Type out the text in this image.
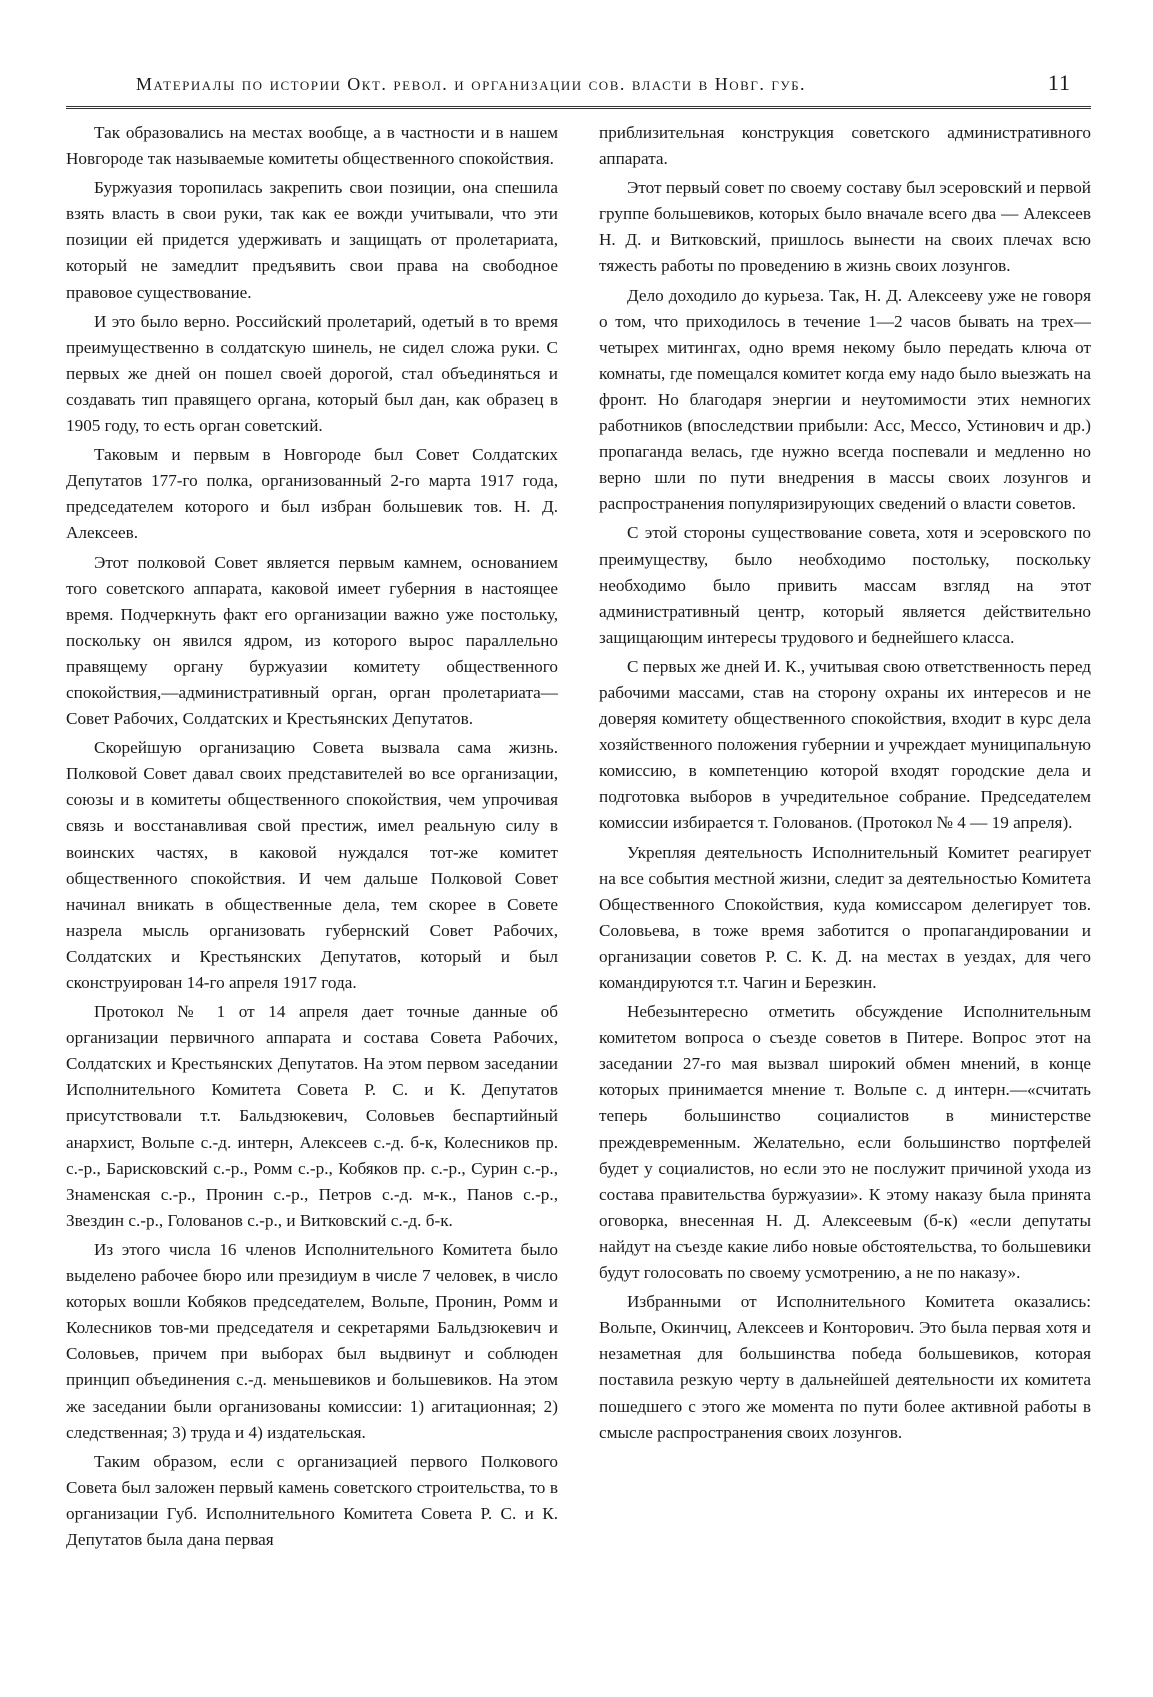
Материалы по истории Окт. револ. и организации сов. власти в Новг. губ.	11

Так образовались на местах вообще, а в частности и в нашем Новгороде так называемые комитеты общественного спокойствия.

Буржуазия торопилась закрепить свои позиции, она спешила взять власть в свои руки, так как ее вожди учитывали, что эти позиции ей придется удерживать и защищать от пролетариата, который не замедлит предъявить свои права на свободное правовое существование.

И это было верно. Российский пролетарий, одетый в то время преимущественно в солдатскую шинель, не сидел сложа руки. С первых же дней он пошел своей дорогой, стал объединяться и создавать тип правящего органа, который был дан, как образец в 1905 году, то есть орган советский.

Таковым и первым в Новгороде был Совет Солдатских Депутатов 177-го полка, организованный 2-го марта 1917 года, председателем которого и был избран большевик тов. Н. Д. Алексеев.

Этот полковой Совет является первым камнем, основанием того советского аппарата, каковой имеет губерния в настоящее время. Подчеркнуть факт его организации важно уже постольку, поскольку он явился ядром, из которого вырос параллельно правящему органу буржуазии комитету общественного спокойствия,—административный орган, орган пролетариата—Совет Рабочих, Солдатских и Крестьянских Депутатов.

Скорейшую организацию Совета вызвала сама жизнь. Полковой Совет давал своих представителей во все организации, союзы и в комитеты общественного спокойствия, чем упрочивая связь и восстанавливая свой престиж, имел реальную силу в воинских частях, в каковой нуждался тот-же комитет общественного спокойствия. И чем дальше Полковой Совет начинал вникать в общественные дела, тем скорее в Совете назрела мысль организовать губернский Совет Рабочих, Солдатских и Крестьянских Депутатов, который и был сконструирован 14-го апреля 1917 года.

Протокол № 1 от 14 апреля дает точные данные об организации первичного аппарата и состава Совета Рабочих, Солдатских и Крестьянских Депутатов. На этом первом заседании Исполнительного Комитета Совета Р. С. и К. Депутатов присутствовали т.т. Бальдзюкевич, Соловьев беспартийный анархист, Вольпе с.-д. интерн, Алексеев с.-д. б-к, Колесников пр. с.-р., Барисковский с.-р., Ромм с.-р., Кобяков пр. с.-р., Сурин с.-р., Знаменская с.-р., Пронин с.-р., Петров с.-д. м-к., Панов с.-р., Звездин с.-р., Голованов с.-р., и Витковский с.-д. б-к.

Из этого числа 16 членов Исполнительного Комитета было выделено рабочее бюро или президиум в числе 7 человек, в число которых вошли Кобяков председателем, Вольпе, Пронин, Ромм и Колесников тов-ми председателя и секретарями Бальдзюкевич и Соловьев, причем при выборах был выдвинут и соблюден принцип объединения с.-д. меньшевиков и большевиков. На этом же заседании были организованы комиссии: 1) агитационная; 2) следственная; 3) труда и 4) издательская.

Таким образом, если с организацией первого Полкового Совета был заложен первый камень советского строительства, то в организации Губ. Исполнительного Комитета Совета Р. С. и К. Депутатов была дана первая

приблизительная конструкция советского административного аппарата.

Этот первый совет по своему составу был эсеровский и первой группе большевиков, которых было вначале всего два — Алексеев Н. Д. и Витковский, пришлось вынести на своих плечах всю тяжесть работы по проведению в жизнь своих лозунгов.

Дело доходило до курьеза. Так, Н. Д. Алексееву уже не говоря о том, что приходилось в течение 1—2 часов бывать на трех—четырех митингах, одно время некому было передать ключа от комнаты, где помещался комитет когда ему надо было выезжать на фронт. Но благодаря энергии и неутомимости этих немногих работников (впоследствии прибыли: Асс, Мессо, Устинович и др.) пропаганда велась, где нужно всегда поспевали и медленно но верно шли по пути внедрения в массы своих лозунгов и распространения популяризирующих сведений о власти советов.

С этой стороны существование совета, хотя и эсеровского по преимуществу, было необходимо постольку, поскольку необходимо было привить массам взгляд на этот административный центр, который является действительно защищающим интересы трудового и беднейшего класса.

С первых же дней И. К., учитывая свою ответственность перед рабочими массами, став на сторону охраны их интересов и не доверяя комитету общественного спокойствия, входит в курс дела хозяйственного положения губернии и учреждает муниципальную комиссию, в компетенцию которой входят городские дела и подготовка выборов в учредительное собрание. Председателем комиссии избирается т. Голованов. (Протокол № 4 — 19 апреля).

Укрепляя деятельность Исполнительный Комитет реагирует на все события местной жизни, следит за деятельностью Комитета Общественного Спокойствия, куда комиссаром делегирует тов. Соловьева, в тоже время заботится о пропагандировании и организации советов Р. С. К. Д. на местах в уездах, для чего командируются т.т. Чагин и Березкин.

Небезынтересно отметить обсуждение Исполнительным комитетом вопроса о съезде советов в Питере. Вопрос этот на заседании 27-го мая вызвал широкий обмен мнений, в конце которых принимается мнение т. Вольпе с. д интерн.—«считать теперь большинство социалистов в министерстве преждевременным. Желательно, если большинство портфелей будет у социалистов, но если это не послужит причиной ухода из состава правительства буржуазии». К этому наказу была принята оговорка, внесенная Н. Д. Алексеевым (б-к) «если депутаты найдут на съезде какие либо новые обстоятельства, то большевики будут голосовать по своему усмотрению, а не по наказу».

Избранными от Исполнительного Комитета оказались: Вольпе, Окинчиц, Алексеев и Конторович. Это была первая хотя и незаметная для большинства победа большевиков, которая поставила резкую черту в дальнейшей деятельности их комитета пошедшего с этого же момента по пути более активной работы в смысле распространения своих лозунгов.
